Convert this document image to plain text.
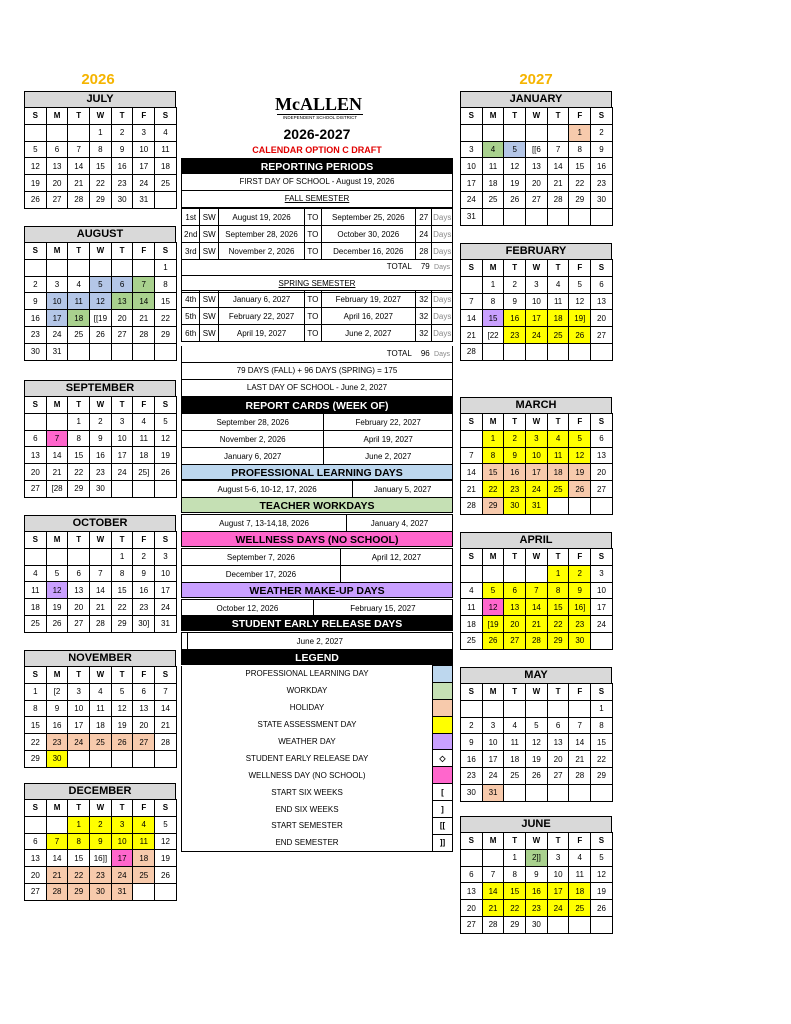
2026	2027
JULY
S	M	T	W	T	F	S
			1	2	3	4
5	6	7	8	9	10	11
12	13	14	15	16	17	18
19	20	21	22	23	24	25
26	27	28	29	30	31	
AUGUST
S	M	T	W	T	F	S
						1
2	3	4	5	6	7	8
9	10	11	12	13	14	15
16	17	18	[[19	20	21	22
23	24	25	26	27	28	29
30	31					
SEPTEMBER
S	M	T	W	T	F	S
		1	2	3	4	5
6	7	8	9	10	11	12
13	14	15	16	17	18	19
20	21	22	23	24	25]	26
27	[28	29	30			
OCTOBER
S	M	T	W	T	F	S
				1	2	3
4	5	6	7	8	9	10
11	12	13	14	15	16	17
18	19	20	21	22	23	24
25	26	27	28	29	30]	31
NOVEMBER
S	M	T	W	T	F	S
1	[2	3	4	5	6	7
8	9	10	11	12	13	14
15	16	17	18	19	20	21
22	23	24	25	26	27	28
29	30					
DECEMBER
S	M	T	W	T	F	S
		1	2	3	4	5
6	7	8	9	10	11	12
13	14	15	16]]	17	18	19
20	21	22	23	24	25	26
27	28	29	30	31		
JANUARY
S	M	T	W	T	F	S
					1	2
3	4	5	[[6	7	8	9
10	11	12	13	14	15	16
17	18	19	20	21	22	23
24	25	26	27	28	29	30
31						
FEBRUARY
S	M	T	W	T	F	S
	1	2	3	4	5	6
7	8	9	10	11	12	13
14	15	16	17	18	19]	20
21	[22	23	24	25	26	27
28						
MARCH
S	M	T	W	T	F	S
	1	2	3	4	5	6
7	8	9	10	11	12	13
14	15	16	17	18	19	20
21	22	23	24	25	26	27
28	29	30	31			
APRIL
S	M	T	W	T	F	S
				1	2	3
4	5	6	7	8	9	10
11	12	13	14	15	16]	17
18	[19	20	21	22	23	24
25	26	27	28	29	30	
MAY
S	M	T	W	T	F	S
						1
2	3	4	5	6	7	8
9	10	11	12	13	14	15
16	17	18	19	20	21	22
23	24	25	26	27	28	29
30	31					
JUNE
S	M	T	W	T	F	S
		1	2]]	3	4	5
6	7	8	9	10	11	12
13	14	15	16	17	18	19
20	21	22	23	24	25	26
27	28	29	30			
McALLEN
INDEPENDENT SCHOOL DISTRICT
2026-2027
CALENDAR OPTION C DRAFT
REPORTING PERIODS
FIRST DAY OF SCHOOL - August 19, 2026
FALL SEMESTER
1st	SW	August 19, 2026	TO	September 25, 2026	27	Days
2nd	SW	September 28, 2026	TO	October 30, 2026	24	Days
3rd	SW	November 2, 2026	TO	December 16, 2026	28	Days
TOTAL 79 Days
SPRING SEMESTER
4th	SW	January 6, 2027	TO	February 19, 2027	32	Days
5th	SW	February 22, 2027	TO	April 16, 2027	32	Days
6th	SW	April 19, 2027	TO	June 2, 2027	32	Days
TOTAL 96 Days
79 DAYS (FALL) + 96 DAYS (SPRING) = 175
LAST DAY OF SCHOOL - June 2, 2027
REPORT CARDS (WEEK OF)
September 28, 2026	February 22, 2027
November 2, 2026	April 19, 2027
January 6, 2027	June 2, 2027
PROFESSIONAL LEARNING DAYS
August 5-6, 10-12, 17, 2026	January 5, 2027
TEACHER WORKDAYS
August 7, 13-14,18, 2026	January 4, 2027
WELLNESS DAYS (NO SCHOOL)
September 7, 2026	April 12, 2027
December 17, 2026	
WEATHER MAKE-UP DAYS
October 12, 2026	February 15, 2027
STUDENT EARLY RELEASE DAYS
	June 2, 2027
LEGEND
PROFESSIONAL LEARNING DAY	
WORKDAY	
HOLIDAY	
STATE ASSESSMENT DAY	
WEATHER DAY	
STUDENT EARLY RELEASE DAY	◇
WELLNESS DAY (NO SCHOOL)	
START SIX WEEKS	[
END SIX WEEKS	]
START SEMESTER	[[
END SEMESTER	]]
